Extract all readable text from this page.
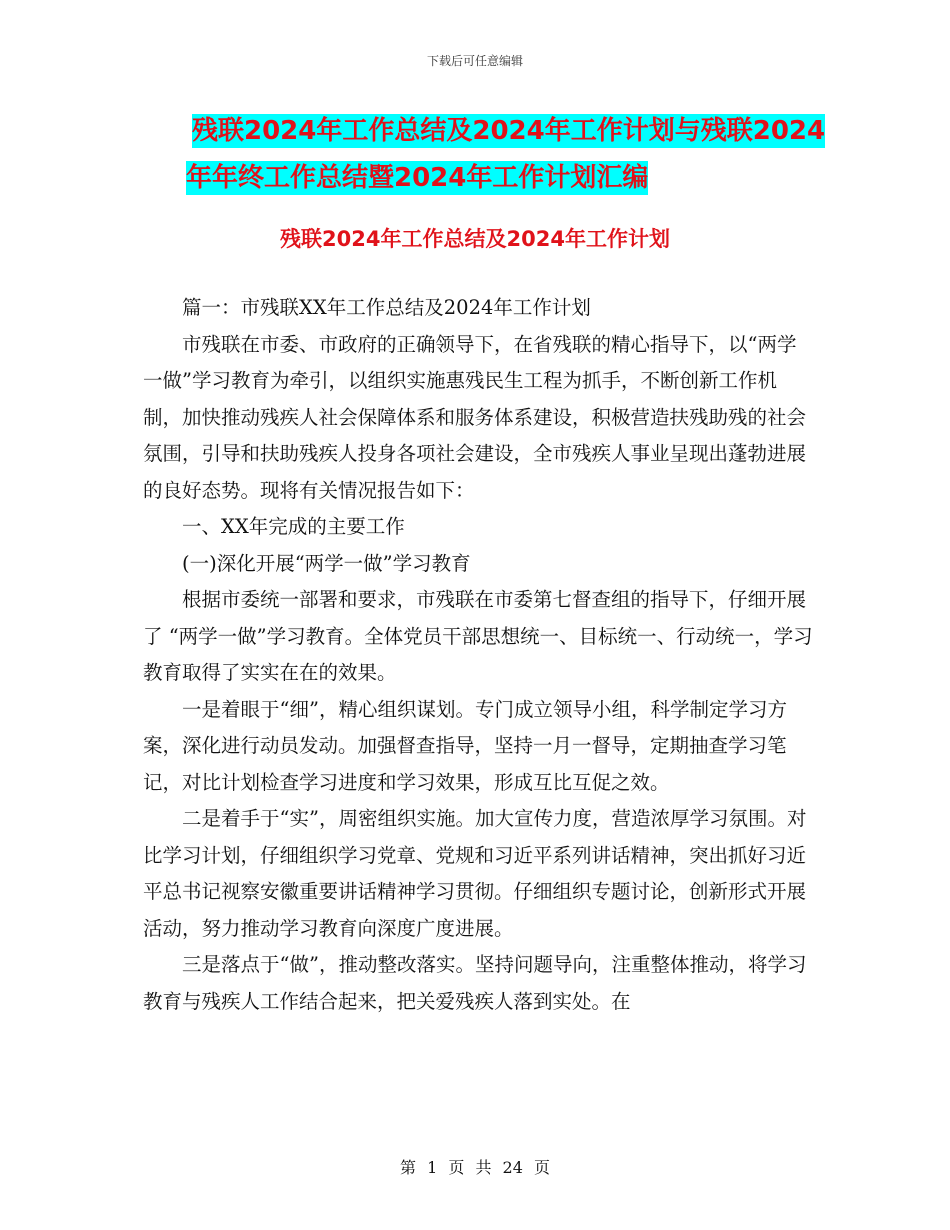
下载后可任意编辑
残联2024年工作总结及2024年工作计划与残联2024
年年终工作总结暨2024年工作计划汇编
残联2024年工作总结及2024年工作计划

篇一：市残联XX年工作总结及2024年工作计划

市残联在市委、市政府的正确领导下，在省残联的精心指导下，以“两学一做”学习教育为牵引，以组织实施惠残民生工程为抓手，不断创新工作机制，加快推动残疾人社会保障体系和服务体系建设，积极营造扶残助残的社会氛围，引导和扶助残疾人投身各项社会建设，全市残疾人事业呈现出蓬勃进展的良好态势。现将有关情况报告如下：

一、XX年完成的主要工作

(一)深化开展“两学一做”学习教育

根据市委统一部署和要求，市残联在市委第七督查组的指导下，仔细开展了 “两学一做”学习教育。全体党员干部思想统一、目标统一、行动统一，学习教育取得了实实在在的效果。

一是着眼于“细”，精心组织谋划。专门成立领导小组，科学制定学习方案，深化进行动员发动。加强督查指导，坚持一月一督导，定期抽查学习笔记，对比计划检查学习进度和学习效果，形成互比互促之效。

二是着手于“实”，周密组织实施。加大宣传力度，营造浓厚学习氛围。对比学习计划，仔细组织学习党章、党规和习近平系列讲话精神，突出抓好习近平总书记视察安徽重要讲话精神学习贯彻。仔细组织专题讨论，创新形式开展活动，努力推动学习教育向深度广度进展。

三是落点于“做”，推动整改落实。坚持问题导向，注重整体推动，将学习教育与残疾人工作结合起来，把关爱残疾人落到实处。在

第 1 页 共 24 页
